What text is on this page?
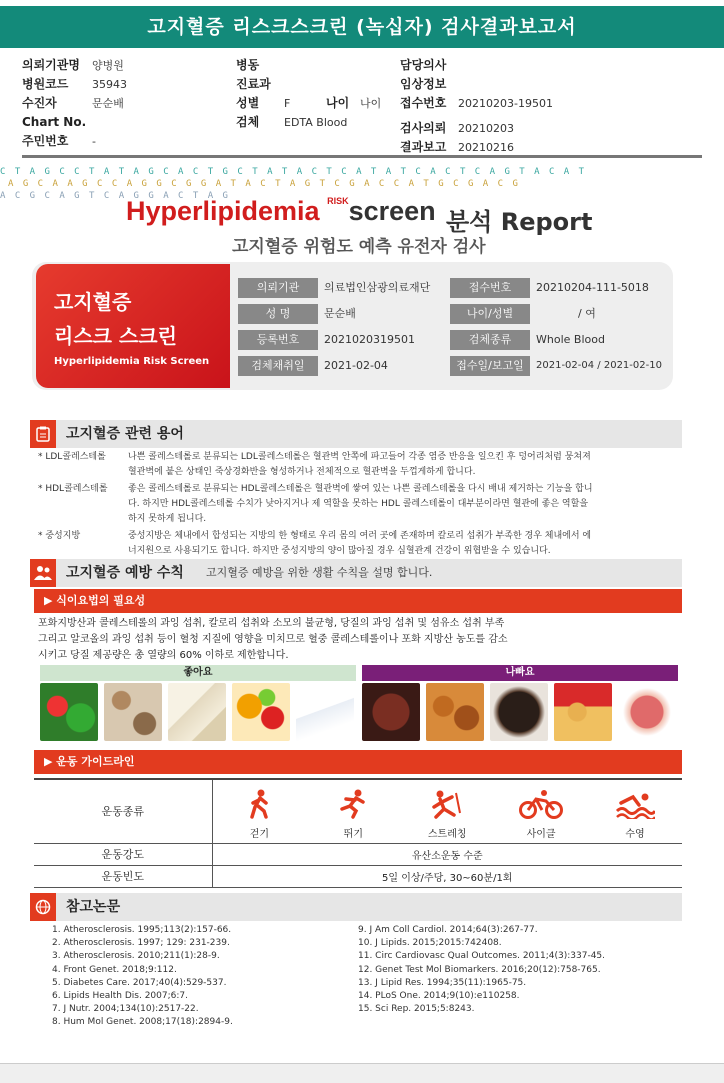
고지혈증 리스크스크린 (녹십자) 검사결과보고서
의뢰기관명 양병원
병원코드 35943
수진자	문순배
Chart No.
주민번호 -
병동
진료과
성별 F	나이 나이
검체 EDTA Blood
담당의사
임상정보
접수번호 20210203-19501
검사의뢰 20210203
결과보고 20210216
C T A G C C T A T A G C A C T G C T A T A C T C A T A T C A C T C A G T A C A T
A G C A A G C C A G G C G G A T A C T A G T C G A C C A T G C G A C G
A C G C A G T C A G G A C T A G
Hyperlipidemia $^{RISK}$screen 분석 Report
고지혈증 위험도 예측 유전자 검사
의뢰기관	의료법인삼광의료재단	접수번호	20210204-111-5018
성 명	문순배	나이/성별	/ 여
등록번호	2021020319501	검체종류	Whole Blood
검체채취일	2021-02-04	접수일/보고일	2021-02-04 / 2021-02-10
고지혈증
리스크 스크린
Hyperlipidemia Risk Screen
고지혈증 관련 용어
* LDL콜레스테롤	나쁜 콜레스테롤로 분류되는 LDL콜레스테롤은 혈관벽 안쪽에 파고들어 각종 염증 반응을 일으킨 후 덩어리처럼 뭉쳐져 혈관벽에 붙은 상태인 죽상경화반을 형성하거나 전체적으로 혈관벽을 두껍게하게 합니다.
* HDL콜레스테롤	좋은 콜레스테롤로 분류되는 HDL콜레스테롤은 혈관벽에 쌓여 있는 나쁜 콜레스테롤을 다시 배내 제거하는 기능을 합니다. 하지만 HDL콜레스테롤 수치가 낮아지거나 제 역할을 못하는 HDL 콜레스테롤이 대부분이라면 혈관에 좋은 역할을 하지 못하게 됩니다.
* 중성지방	중성지방은 체내에서 합성되는 지방의 한 형태로 우리 몸의 여러 곳에 존재하며 칼로리 섭취가 부족한 경우 체내에서 에너지원으로 사용되기도 합니다. 하지만 중성지방의 양이 많아질 경우 심혈관계 건강이 위협받을 수 있습니다.
고지혈증 예방 수칙 고지혈증 예방을 위한 생활 수칙을 설명 합니다.
▶ 식이요법의 필요성
포화지방산과 콜레스테롤의 과잉 섭취, 칼로리 섭취와 소모의 불균형, 당질의 과잉 섭취 및 섬유소 섭취 부족
그리고 알코올의 과잉 섭취 등이 혈청 지질에 영향을 미치므로 혈중 콜레스테롤이나 포화 지방산 농도를 감소
시키고 당질 제공량은 총 열량의 60% 이하로 제한합니다.
좋아요	나빠요
▶ 운동 가이드라인
운동종류	걷기 뛰기 스트레칭 사이클 수영

운동강도	유산소운동 수준
운동빈도	5일 이상/주당, 30~60분/1회
참고논문
1. Atherosclerosis. 1995;113(2):157-66.
2. Atherosclerosis. 1997; 129: 231-239.
3. Atherosclerosis. 2010;211(1):28-9.
4. Front Genet. 2018;9:112.
5. Diabetes Care. 2017;40(4):529-537.
6. Lipids Health Dis. 2007;6:7.
7. J Nutr. 2004;134(10):2517-22.
8. Hum Mol Genet. 2008;17(18):2894-9.
9. J Am Coll Cardiol. 2014;64(3):267-77.
10. J Lipids. 2015;2015:742408.
11. Circ Cardiovasc Qual Outcomes. 2011;4(3):337-45.
12. Genet Test Mol Biomarkers. 2016;20(12):758-765.
13. J Lipid Res. 1994;35(11):1965-75.
14. PLoS One. 2014;9(10):e110258.
15. Sci Rep. 2015;5:8243.
